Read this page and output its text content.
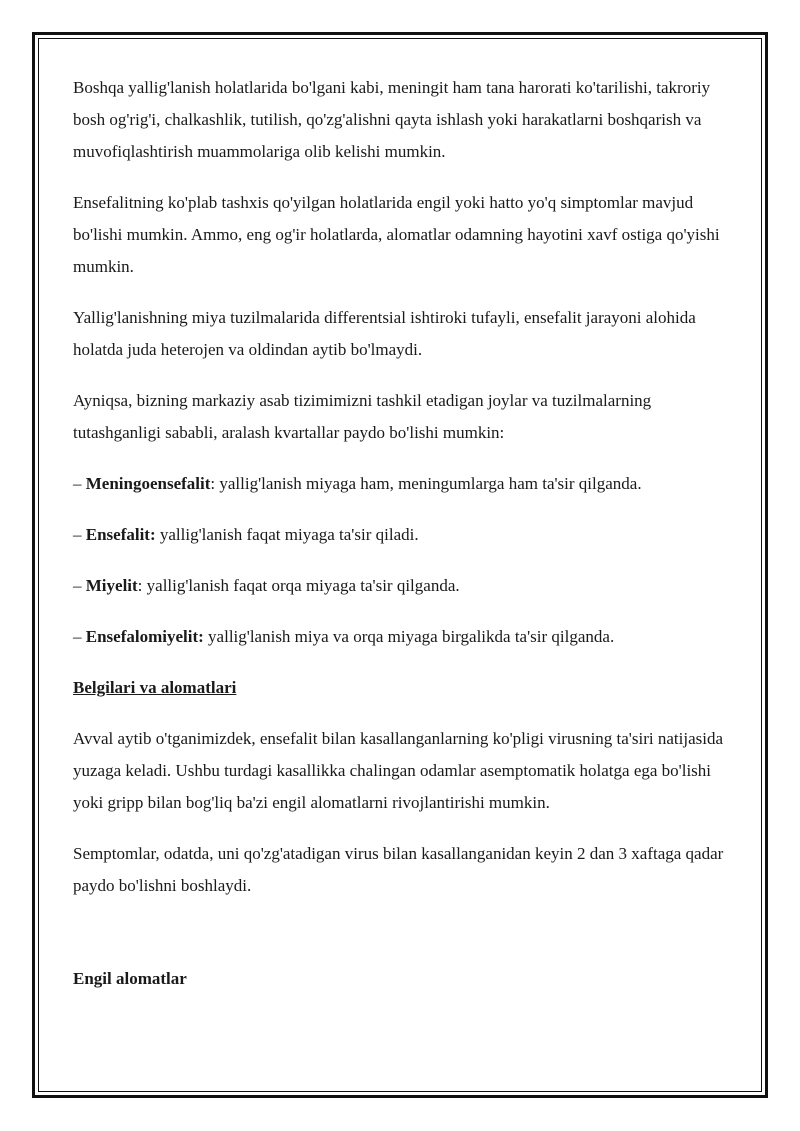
Boshqa yallig'lanish holatlarida bo'lgani kabi, meningit ham tana harorati ko'tarilishi, takroriy bosh og'rig'i, chalkashlik, tutilish, qo'zg'alishni qayta ishlash yoki harakatlarni boshqarish va muvofiqlashtirish muammolariga olib kelishi mumkin.

Ensefalitning ko'plab tashxis qo'yilgan holatlarida engil yoki hatto yo'q simptomlar mavjud bo'lishi mumkin. Ammo, eng og'ir holatlarda, alomatlar odamning hayotini xavf ostiga qo'yishi mumkin.

Yallig'lanishning miya tuzilmalarida differentsial ishtiroki tufayli, ensefalit jarayoni alohida holatda juda heterojen va oldindan aytib bo'lmaydi.

Ayniqsa, bizning markaziy asab tizimimizni tashkil etadigan joylar va tuzilmalarning tutashganligi sababli, aralash kvartallar paydo bo'lishi mumkin:

– Meningoensefalit: yallig'lanish miyaga ham, meningumlarga ham ta'sir qilganda.
– Ensefalit: yallig'lanish faqat miyaga ta'sir qiladi.
– Miyelit: yallig'lanish faqat orqa miyaga ta'sir qilganda.
– Ensefalomiyelit: yallig'lanish miya va orqa miyaga birgalikda ta'sir qilganda.
Belgilari va alomatlari

Avval aytib o'tganimizdek, ensefalit bilan kasallanganlarning ko'pligi virusning ta'siri natijasida yuzaga keladi. Ushbu turdagi kasallikka chalingan odamlar asemptomatik holatga ega bo'lishi yoki gripp bilan bog'liq ba'zi engil alomatlarni rivojlantirishi mumkin.

Semptomlar, odatda, uni qo'zg'atadigan virus bilan kasallanganidan keyin 2 dan 3 xaftaga qadar paydo bo'lishni boshlaydi.

Engil alomatlar
